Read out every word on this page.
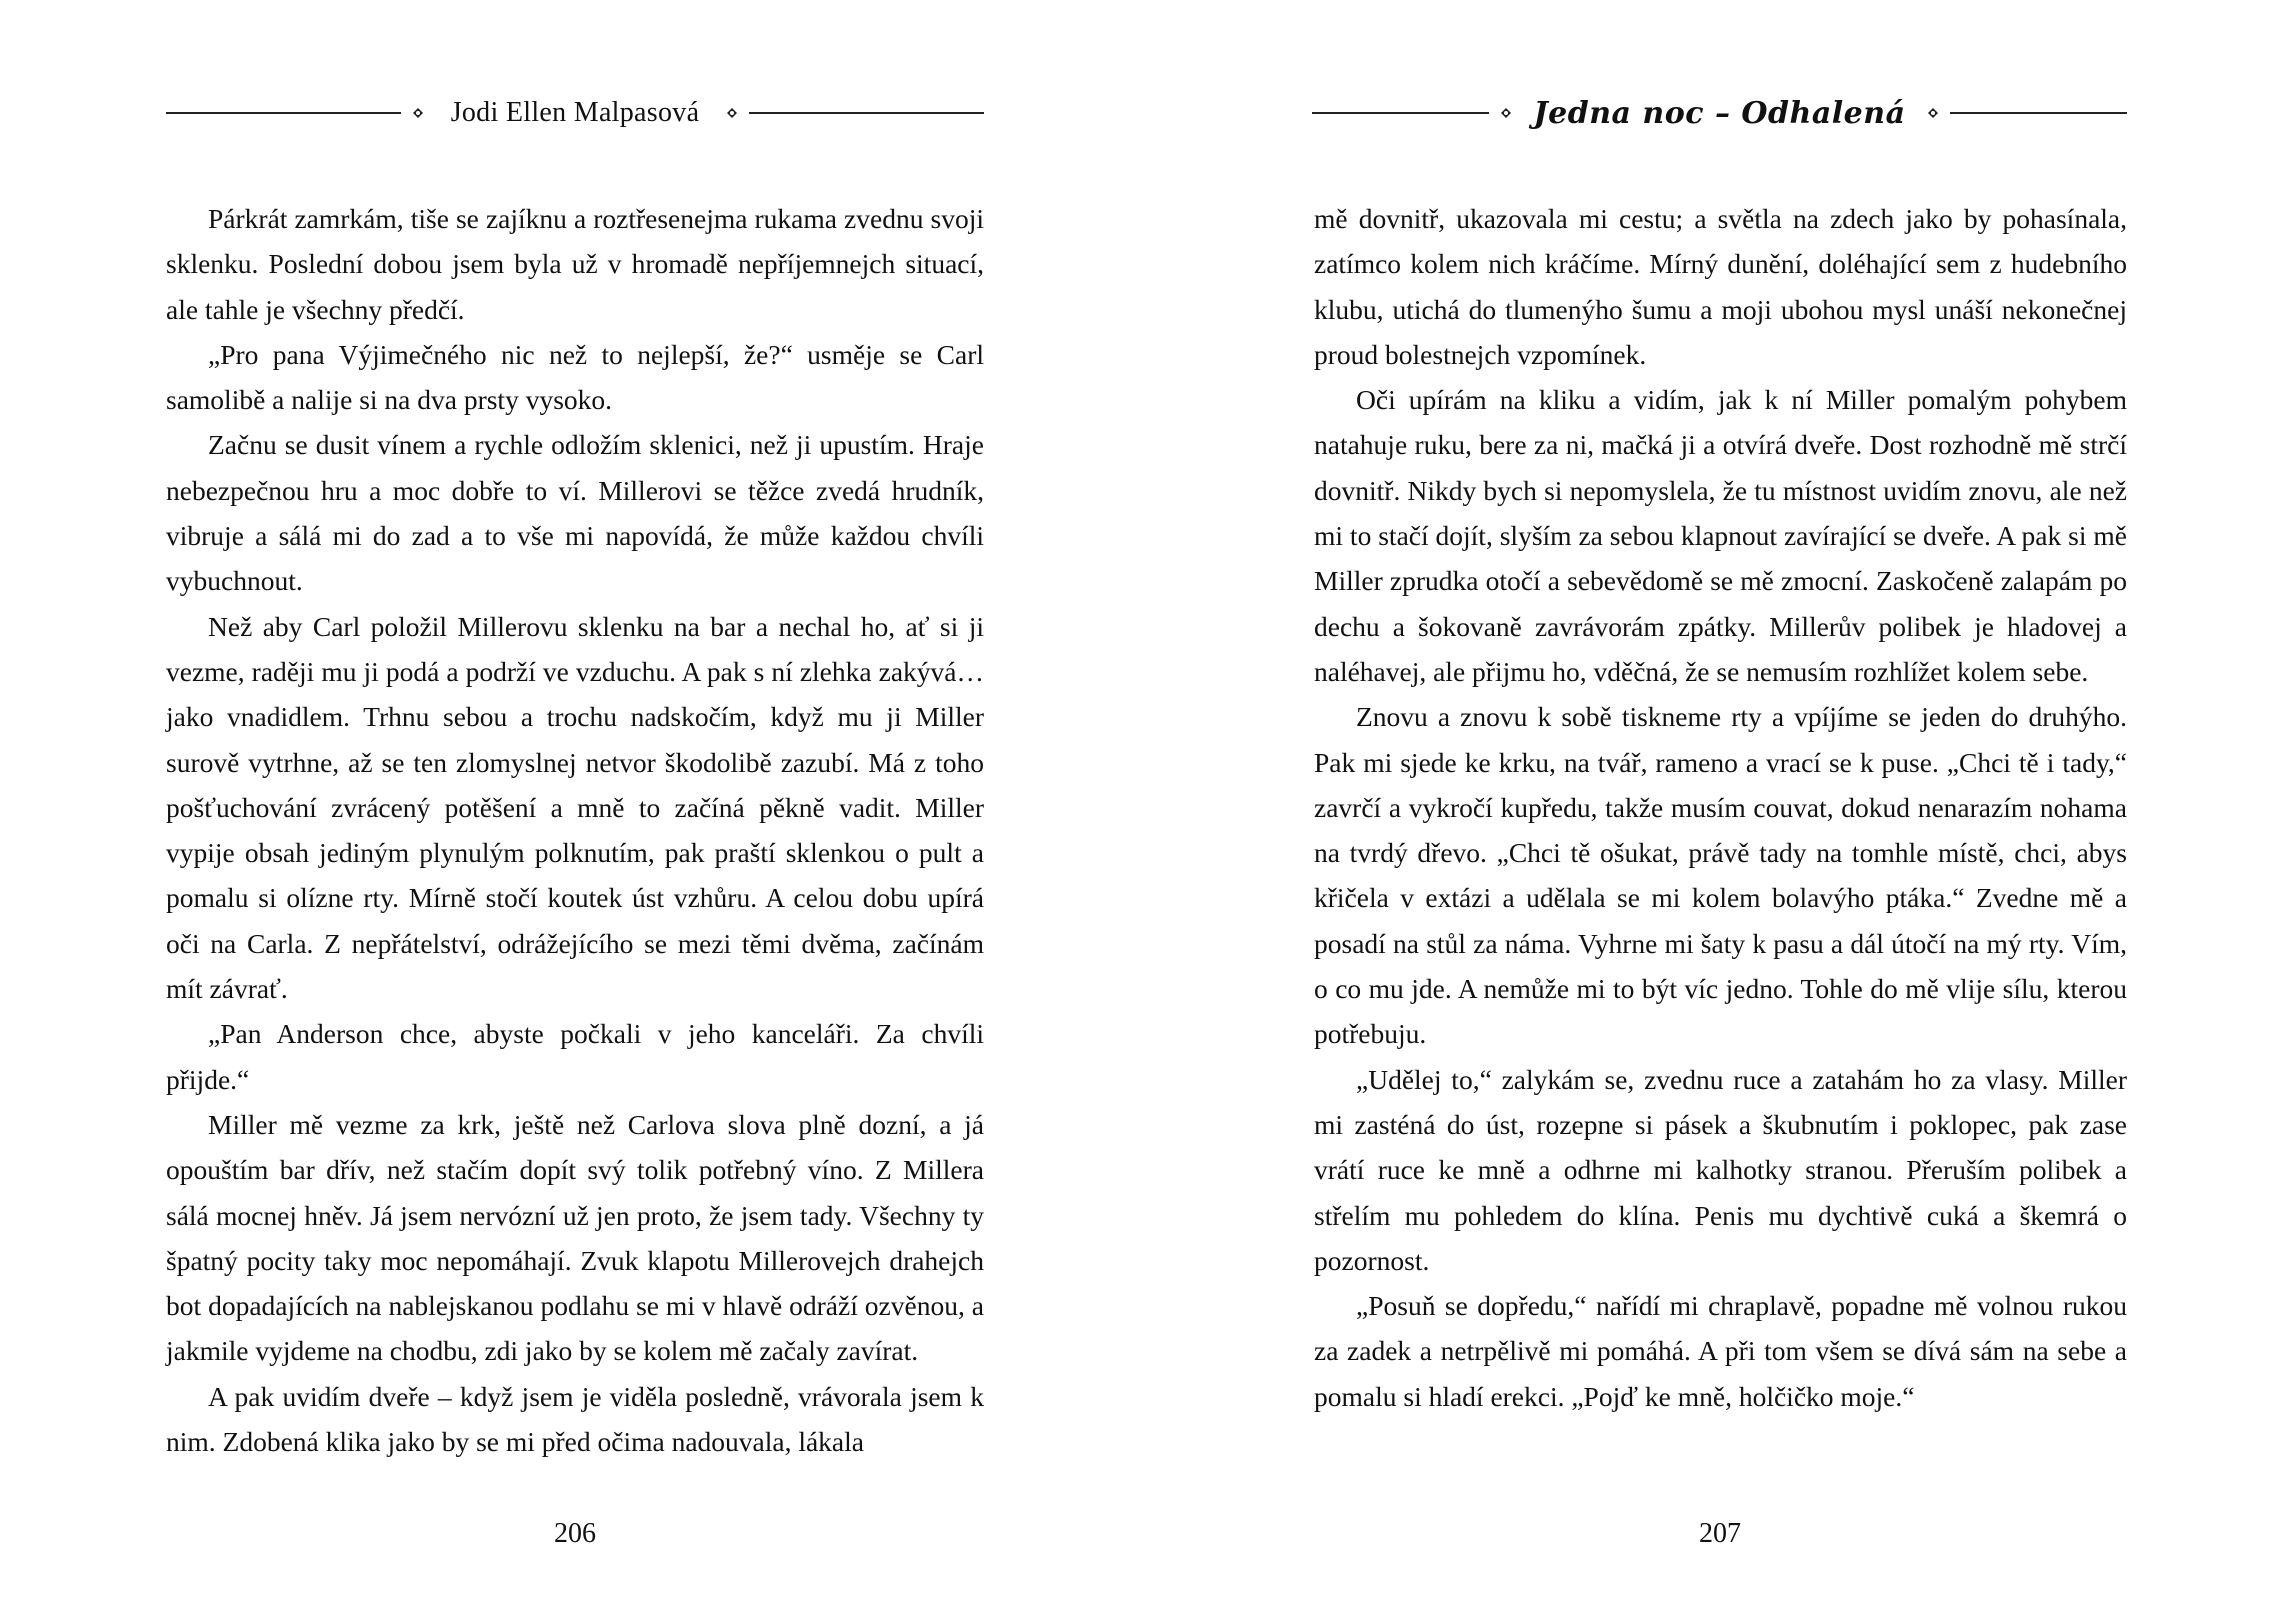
Jodi Ellen Malpasová

Párkrát zamrkám, tiše se zajíknu a roztřesenejma rukama zvednu svoji sklenku. Poslední dobou jsem byla už v hromadě nepříjemnejch situací, ale tahle je všechny předčí.

„Pro pana Výjimečného nic než to nejlepší, že?“ usměje se Carl samolibě a nalije si na dva prsty vysoko.

Začnu se dusit vínem a rychle odložím sklenici, než ji upustím. Hraje nebezpečnou hru a moc dobře to ví. Millerovi se těžce zvedá hrudník, vibruje a sálá mi do zad a to vše mi napovídá, že může každou chvíli vybuchnout.

Než aby Carl položil Millerovu sklenku na bar a nechal ho, ať si ji vezme, raději mu ji podá a podrží ve vzduchu. A pak s ní zlehka zakývá… jako vnadidlem. Trhnu sebou a trochu nadskočím, když mu ji Miller surově vytrhne, až se ten zlomyslnej netvor škodolibě zazubí. Má z toho pošťuchování zvrácený potěšení a mně to začíná pěkně vadit. Miller vypije obsah jediným plynulým polknutím, pak praští sklenkou o pult a pomalu si olízne rty. Mírně stočí koutek úst vzhůru. A celou dobu upírá oči na Carla. Z nepřátelství, odrážejícího se mezi těmi dvěma, začínám mít závrať.

„Pan Anderson chce, abyste počkali v jeho kanceláři. Za chvíli přijde.“

Miller mě vezme za krk, ještě než Carlova slova plně dozní, a já opouštím bar dřív, než stačím dopít svý tolik potřebný víno. Z Millera sálá mocnej hněv. Já jsem nervózní už jen proto, že jsem tady. Všechny ty špatný pocity taky moc nepomáhají. Zvuk klapotu Millerovejch drahejch bot dopadajících na nablejskanou podlahu se mi v hlavě odráží ozvěnou, a jakmile vyjdeme na chodbu, zdi jako by se kolem mě začaly zavírat.

A pak uvidím dveře – když jsem je viděla posledně, vrávorala jsem k nim. Zdobená klika jako by se mi před očima nadouvala, lákala

206
Jedna noc – Odhalená

mě dovnitř, ukazovala mi cestu; a světla na zdech jako by pohasínala, zatímco kolem nich kráčíme. Mírný dunění, doléhající sem z hudebního klubu, utichá do tlumenýho šumu a moji ubohou mysl unáší nekonečnej proud bolestnejch vzpomínek.

Oči upírám na kliku a vidím, jak k ní Miller pomalým pohybem natahuje ruku, bere za ni, mačká ji a otvírá dveře. Dost rozhodně mě strčí dovnitř. Nikdy bych si nepomyslela, že tu místnost uvidím znovu, ale než mi to stačí dojít, slyším za sebou klapnout zavírající se dveře. A pak si mě Miller zprudka otočí a sebevědomě se mě zmocní. Zaskočeně zalapám po dechu a šokovaně zavrávorám zpátky. Millerův polibek je hladovej a naléhavej, ale přijmu ho, vděčná, že se nemusím rozhlížet kolem sebe.

Znovu a znovu k sobě tiskneme rty a vpíjíme se jeden do druhýho. Pak mi sjede ke krku, na tvář, rameno a vrací se k puse. „Chci tě i tady,“ zavrčí a vykročí kupředu, takže musím couvat, dokud nenarazím nohama na tvrdý dřevo. „Chci tě ošukat, právě tady na tomhle místě, chci, abys křičela v extázi a udělala se mi kolem bolavýho ptáka.“ Zvedne mě a posadí na stůl za náma. Vyhrne mi šaty k pasu a dál útočí na mý rty. Vím, o co mu jde. A nemůže mi to být víc jedno. Tohle do mě vlije sílu, kterou potřebuju.

„Udělej to,“ zalykám se, zvednu ruce a zatahám ho za vlasy. Miller mi zasténá do úst, rozepne si pásek a škubnutím i poklopec, pak zase vrátí ruce ke mně a odhrne mi kalhotky stranou. Přeruším polibek a střelím mu pohledem do klína. Penis mu dychtivě cuká a škemrá o pozornost.

„Posuň se dopředu,“ nařídí mi chraplavě, popadne mě volnou rukou za zadek a netrpělivě mi pomáhá. A při tom všem se dívá sám na sebe a pomalu si hladí erekci. „Pojď ke mně, holčičko moje.“

207
